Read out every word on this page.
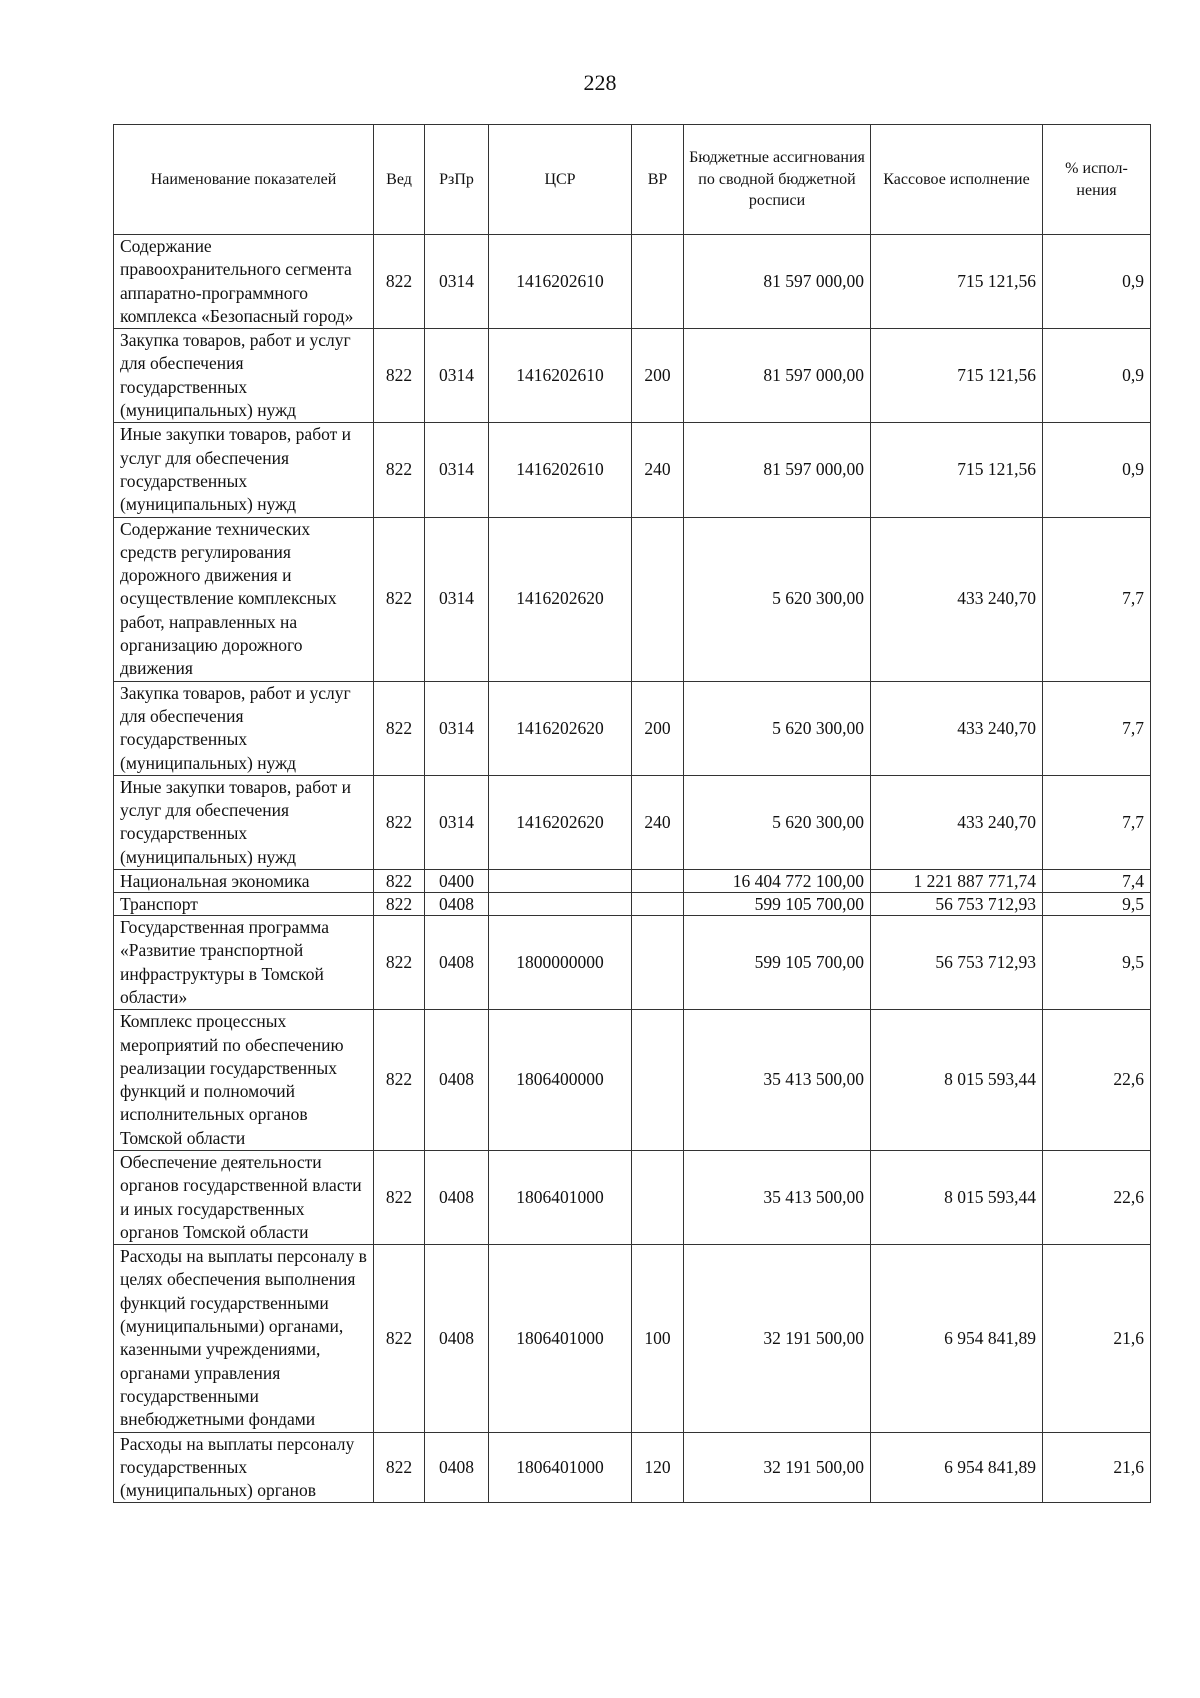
228
Наименование показателей	Вед	РзПр	ЦСР	ВР	Бюджетные ассигнования по сводной бюджетной росписи	Кассовое исполнение	% испол-нения
Содержание правоохранительного сегмента аппаратно-программного комплекса «Безопасный город»	822	0314	1416202610		81 597 000,00	715 121,56	0,9
Закупка товаров, работ и услуг для обеспечения государственных (муниципальных) нужд	822	0314	1416202610	200	81 597 000,00	715 121,56	0,9
Иные закупки товаров, работ и услуг для обеспечения государственных (муниципальных) нужд	822	0314	1416202610	240	81 597 000,00	715 121,56	0,9
Содержание технических средств регулирования дорожного движения и осуществление комплексных работ, направленных на организацию дорожного движения	822	0314	1416202620		5 620 300,00	433 240,70	7,7
Закупка товаров, работ и услуг для обеспечения государственных (муниципальных) нужд	822	0314	1416202620	200	5 620 300,00	433 240,70	7,7
Иные закупки товаров, работ и услуг для обеспечения государственных (муниципальных) нужд	822	0314	1416202620	240	5 620 300,00	433 240,70	7,7
Национальная экономика	822	0400			16 404 772 100,00	1 221 887 771,74	7,4
Транспорт	822	0408			599 105 700,00	56 753 712,93	9,5
Государственная программа «Развитие транспортной инфраструктуры в Томской области»	822	0408	1800000000		599 105 700,00	56 753 712,93	9,5
Комплекс процессных мероприятий по обеспечению реализации государственных функций и полномочий исполнительных органов Томской области	822	0408	1806400000		35 413 500,00	8 015 593,44	22,6
Обеспечение деятельности органов государственной власти и иных государственных органов Томской области	822	0408	1806401000		35 413 500,00	8 015 593,44	22,6
Расходы на выплаты персоналу в целях обеспечения выполнения функций государственными (муниципальными) органами, казенными учреждениями, органами управления государственными внебюджетными фондами	822	0408	1806401000	100	32 191 500,00	6 954 841,89	21,6
Расходы на выплаты персоналу государственных (муниципальных) органов	822	0408	1806401000	120	32 191 500,00	6 954 841,89	21,6
